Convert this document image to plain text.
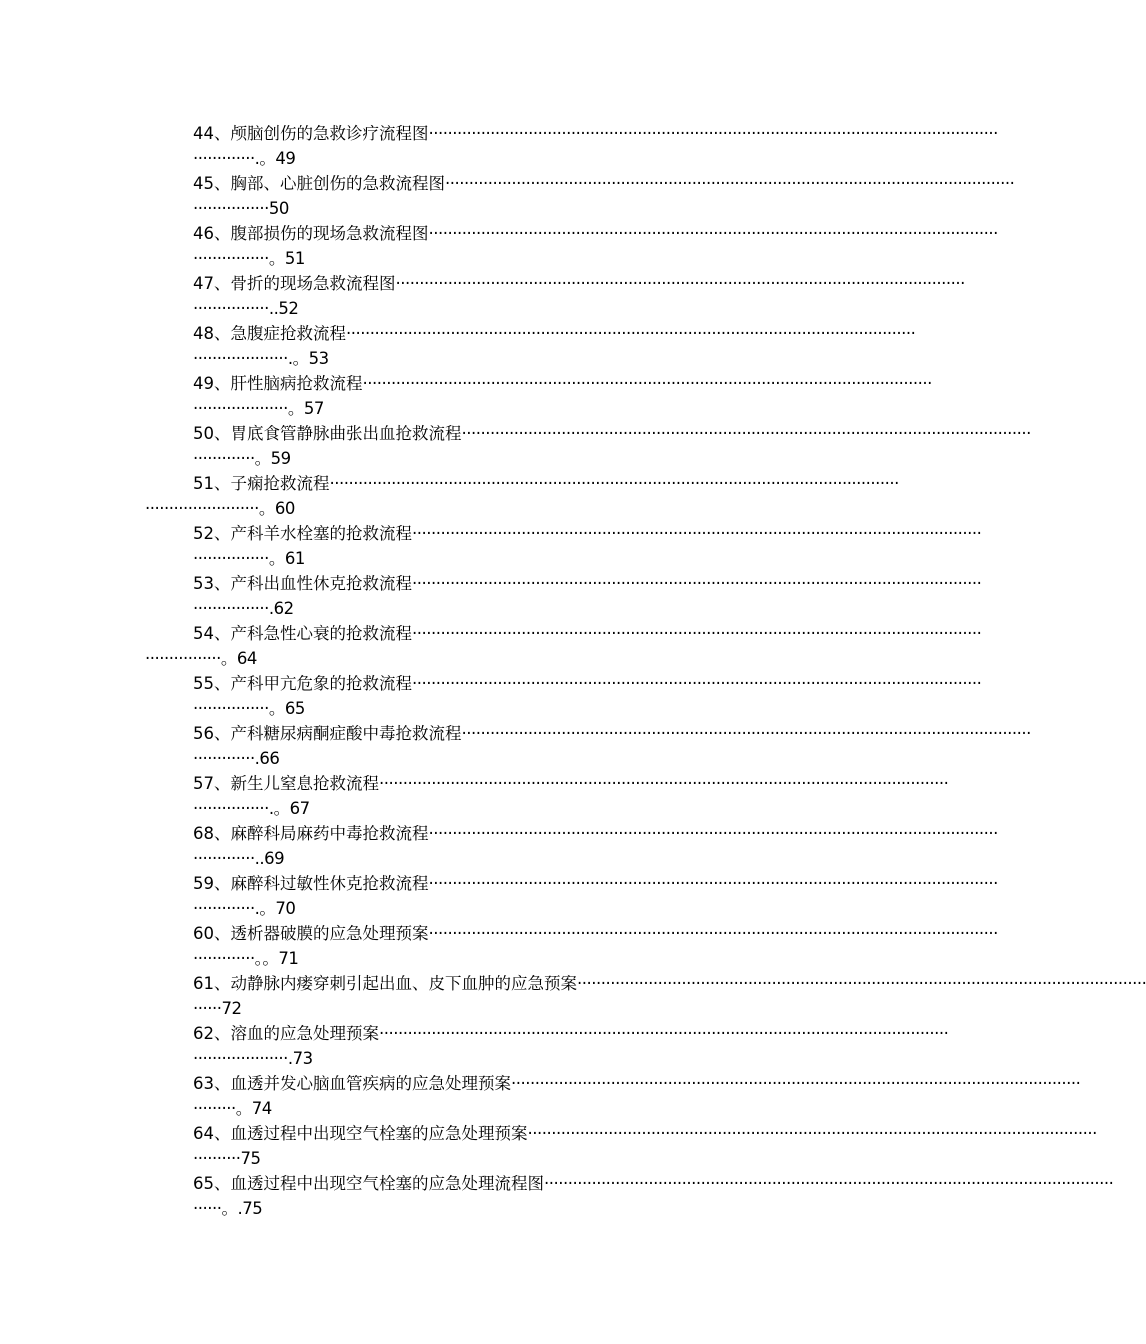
44、颅脑创伤的急救诊疗流程图························································································································
·············.。49
45、胸部、心脏创伤的急救流程图························································································································
················50
46、腹部损伤的现场急救流程图························································································································
················。51
47、骨折的现场急救流程图························································································································
················..52
48、急腹症抢救流程························································································································
····················.。53
49、肝性脑病抢救流程························································································································
····················。57
50、胃底食管静脉曲张出血抢救流程························································································································
·············。59
51、子痫抢救流程························································································································
························。60
52、产科羊水栓塞的抢救流程························································································································
················。61
53、产科出血性休克抢救流程························································································································
················.62
54、产科急性心衰的抢救流程························································································································
················。64
55、产科甲亢危象的抢救流程························································································································
················。65
56、产科糖尿病酮症酸中毒抢救流程························································································································
·············.66
57、新生儿窒息抢救流程························································································································
················.。67
68、麻醉科局麻药中毒抢救流程························································································································
·············..69
59、麻醉科过敏性休克抢救流程························································································································
·············.。70
60、透析器破膜的应急处理预案························································································································
·············。。71
61、动静脉内瘘穿刺引起出血、皮下血肿的应急预案························································································································
······72
62、溶血的应急处理预案························································································································
····················.73
63、血透并发心脑血管疾病的应急处理预案························································································································
·········。74
64、血透过程中出现空气栓塞的应急处理预案························································································································
··········75
65、血透过程中出现空气栓塞的应急处理流程图························································································································
······。.75
